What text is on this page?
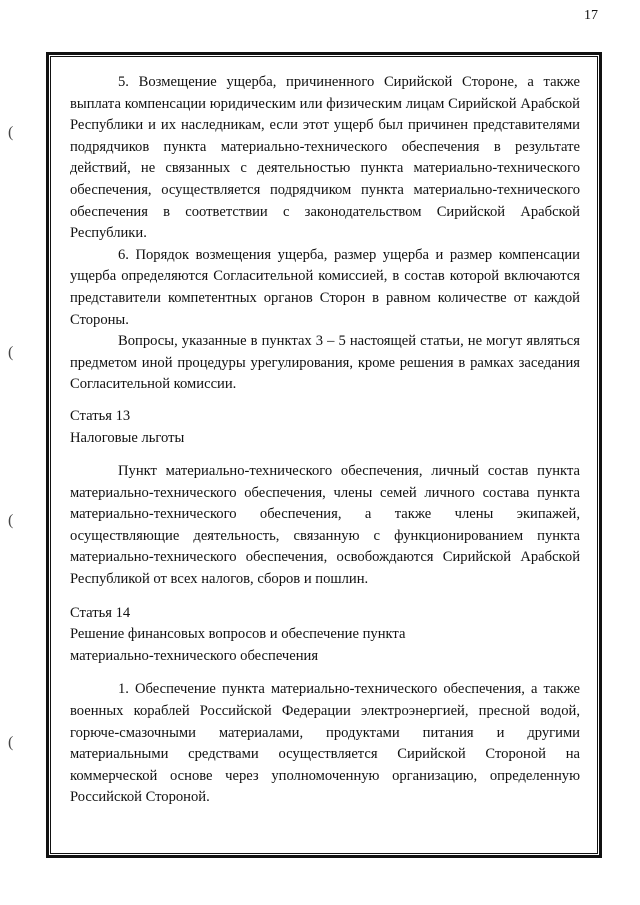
17
(
(
(
(

5. Возмещение ущерба, причиненного Сирийской Стороне, а также выплата компенсации юридическим или физическим лицам Сирийской Арабской Республики и их наследникам, если этот ущерб был причинен представителями подрядчиков пункта материально-технического обеспечения в результате действий, не связанных с деятельностью пункта материально-технического обеспечения, осуществляется подрядчиком пункта материально-технического обеспечения в соответствии с законодательством Сирийской Арабской Республики.

6. Порядок возмещения ущерба, размер ущерба и размер компенсации ущерба определяются Согласительной комиссией, в состав которой включаются представители компетентных органов Сторон в равном количестве от каждой Стороны.

Вопросы, указанные в пунктах 3 – 5 настоящей статьи, не могут являться предметом иной процедуры урегулирования, кроме решения в рамках заседания Согласительной комиссии.

Статья 13

Налоговые льготы

Пункт материально-технического обеспечения, личный состав пункта материально-технического обеспечения, члены семей личного состава пункта материально-технического обеспечения, а также члены экипажей, осуществляющие деятельность, связанную с функционированием пункта материально-технического обеспечения, освобождаются Сирийской Арабской Республикой от всех налогов, сборов и пошлин.

Статья 14

Решение финансовых вопросов и обеспечение пункта

материально-технического обеспечения

1. Обеспечение пункта материально-технического обеспечения, а также военных кораблей Российской Федерации электроэнергией, пресной водой, горюче-смазочными материалами, продуктами питания и другими материальными средствами осуществляется Сирийской Стороной на коммерческой основе через уполномоченную организацию, определенную Российской Стороной.
